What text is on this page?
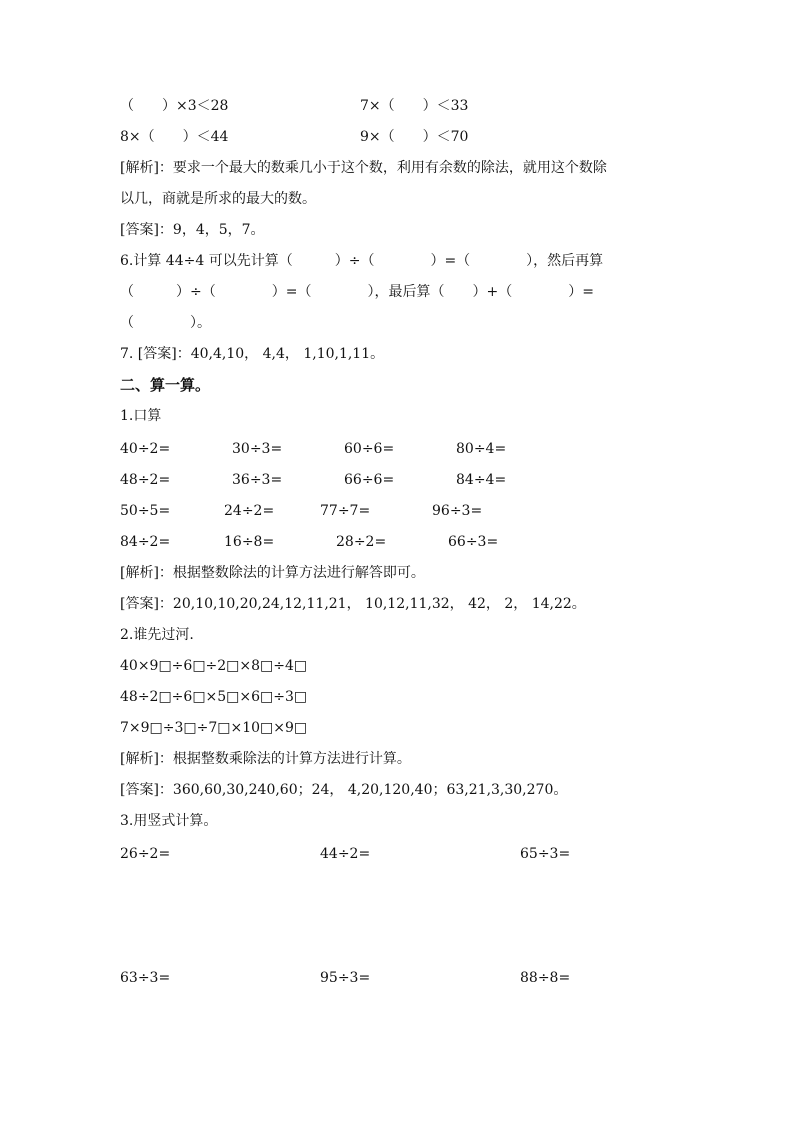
（　　）×3＜28	7×（　　）＜33
8×（　　）＜44	9×（　　）＜70
[解析]：要求一个最大的数乘几小于这个数，利用有余数的除法，就用这个数除
以几，商就是所求的最大的数。
[答案]：9，4，5，7。
6.计算 44÷4 可以先计算（　　　）÷（　　　　）=（　　　　），然后再算
（　　　）÷（　　　　）=（　　　　），最后算（　　）+（　　　　）=
（　　　　）。
7. [答案]：40,4,10， 4,4， 1,10,1,11。
二、算一算。
1.口算
40÷2=	30÷3=	60÷6=	80÷4=
48÷2=	36÷3=	66÷6=	84÷4=
50÷5=	24÷2=	77÷7=	96÷3=
84÷2=	16÷8=	28÷2=	66÷3=
[解析]：根据整数除法的计算方法进行解答即可。
[答案]：20,10,10,20,24,12,11,21， 10,12,11,32， 42， 2， 14,22。
2.谁先过河.
40×9□÷6□÷2□×8□÷4□
48÷2□÷6□×5□×6□÷3□
7×9□÷3□÷7□×10□×9□
[解析]：根据整数乘除法的计算方法进行计算。
[答案]：360,60,30,240,60；24， 4,20,120,40；63,21,3,30,270。
3.用竖式计算。
26÷2=	44÷2=	65÷3=
63÷3=	95÷3=	88÷8=
